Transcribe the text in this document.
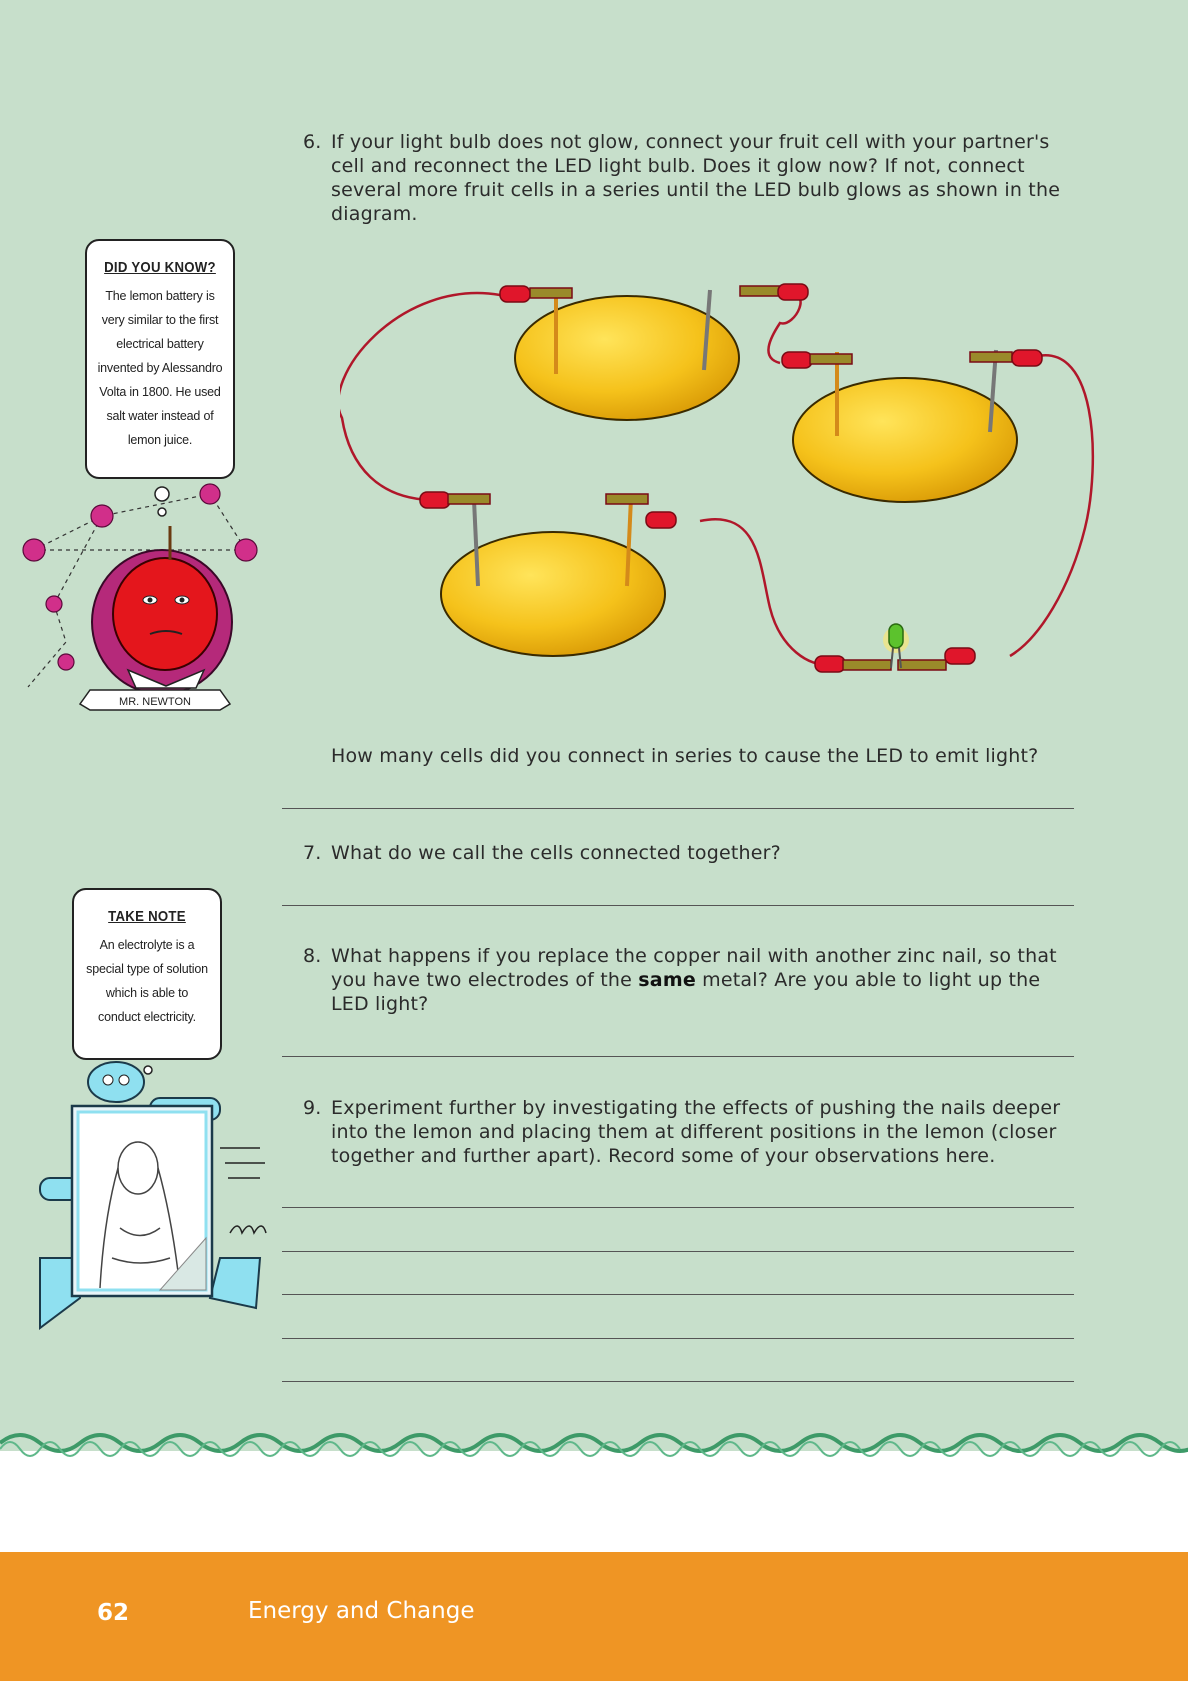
6. If your light bulb does not glow, connect your fruit cell with your partner's cell and reconnect the LED light bulb. Does it glow now? If not, connect several more fruit cells in a series until the LED bulb glows as shown in the diagram.
How many cells did you connect in series to cause the LED to emit light?
7. What do we call the cells connected together?
8. What happens if you replace the copper nail with another zinc nail, so that you have two electrodes of the same metal? Are you able to light up the LED light?
9. Experiment further by investigating the effects of pushing the nails deeper into the lemon and placing them at different positions in the lemon (closer together and further apart). Record some of your observations here.
DID YOU KNOW?
The lemon battery is very similar to the first electrical battery invented by Alessandro Volta in 1800. He used salt water instead of lemon juice.
MR. NEWTON
TAKE NOTE
An electrolyte is a special type of solution which is able to conduct electricity.
62	Energy and Change
